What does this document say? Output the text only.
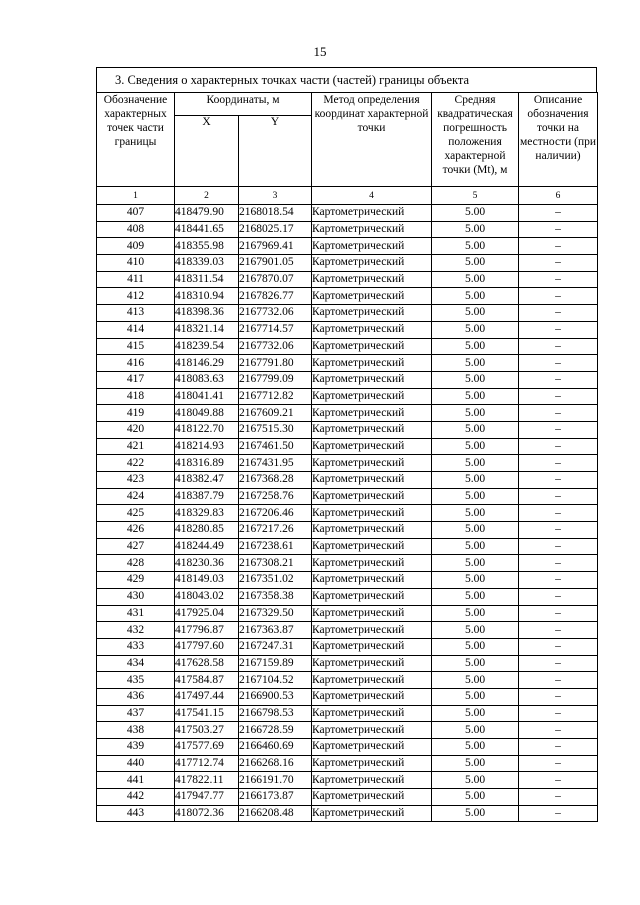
15
3. Сведения о характерных точках части (частей) границы объекта
Обозначение характерных точек части границы	Координаты, м		Метод определения координат характерной точки	Средняя квадратическая погрешность положения характерной точки (Mt), м	Описание обозначения точки на местности (при наличии)
	X	Y			
1	2	3	4	5	6
407	418479.90	2168018.54	Картометрический	5.00	–
408	418441.65	2168025.17	Картометрический	5.00	–
409	418355.98	2167969.41	Картометрический	5.00	–
410	418339.03	2167901.05	Картометрический	5.00	–
411	418311.54	2167870.07	Картометрический	5.00	–
412	418310.94	2167826.77	Картометрический	5.00	–
413	418398.36	2167732.06	Картометрический	5.00	–
414	418321.14	2167714.57	Картометрический	5.00	–
415	418239.54	2167732.06	Картометрический	5.00	–
416	418146.29	2167791.80	Картометрический	5.00	–
417	418083.63	2167799.09	Картометрический	5.00	–
418	418041.41	2167712.82	Картометрический	5.00	–
419	418049.88	2167609.21	Картометрический	5.00	–
420	418122.70	2167515.30	Картометрический	5.00	–
421	418214.93	2167461.50	Картометрический	5.00	–
422	418316.89	2167431.95	Картометрический	5.00	–
423	418382.47	2167368.28	Картометрический	5.00	–
424	418387.79	2167258.76	Картометрический	5.00	–
425	418329.83	2167206.46	Картометрический	5.00	–
426	418280.85	2167217.26	Картометрический	5.00	–
427	418244.49	2167238.61	Картометрический	5.00	–
428	418230.36	2167308.21	Картометрический	5.00	–
429	418149.03	2167351.02	Картометрический	5.00	–
430	418043.02	2167358.38	Картометрический	5.00	–
431	417925.04	2167329.50	Картометрический	5.00	–
432	417796.87	2167363.87	Картометрический	5.00	–
433	417797.60	2167247.31	Картометрический	5.00	–
434	417628.58	2167159.89	Картометрический	5.00	–
435	417584.87	2167104.52	Картометрический	5.00	–
436	417497.44	2166900.53	Картометрический	5.00	–
437	417541.15	2166798.53	Картометрический	5.00	–
438	417503.27	2166728.59	Картометрический	5.00	–
439	417577.69	2166460.69	Картометрический	5.00	–
440	417712.74	2166268.16	Картометрический	5.00	–
441	417822.11	2166191.70	Картометрический	5.00	–
442	417947.77	2166173.87	Картометрический	5.00	–
443	418072.36	2166208.48	Картометрический	5.00	–
